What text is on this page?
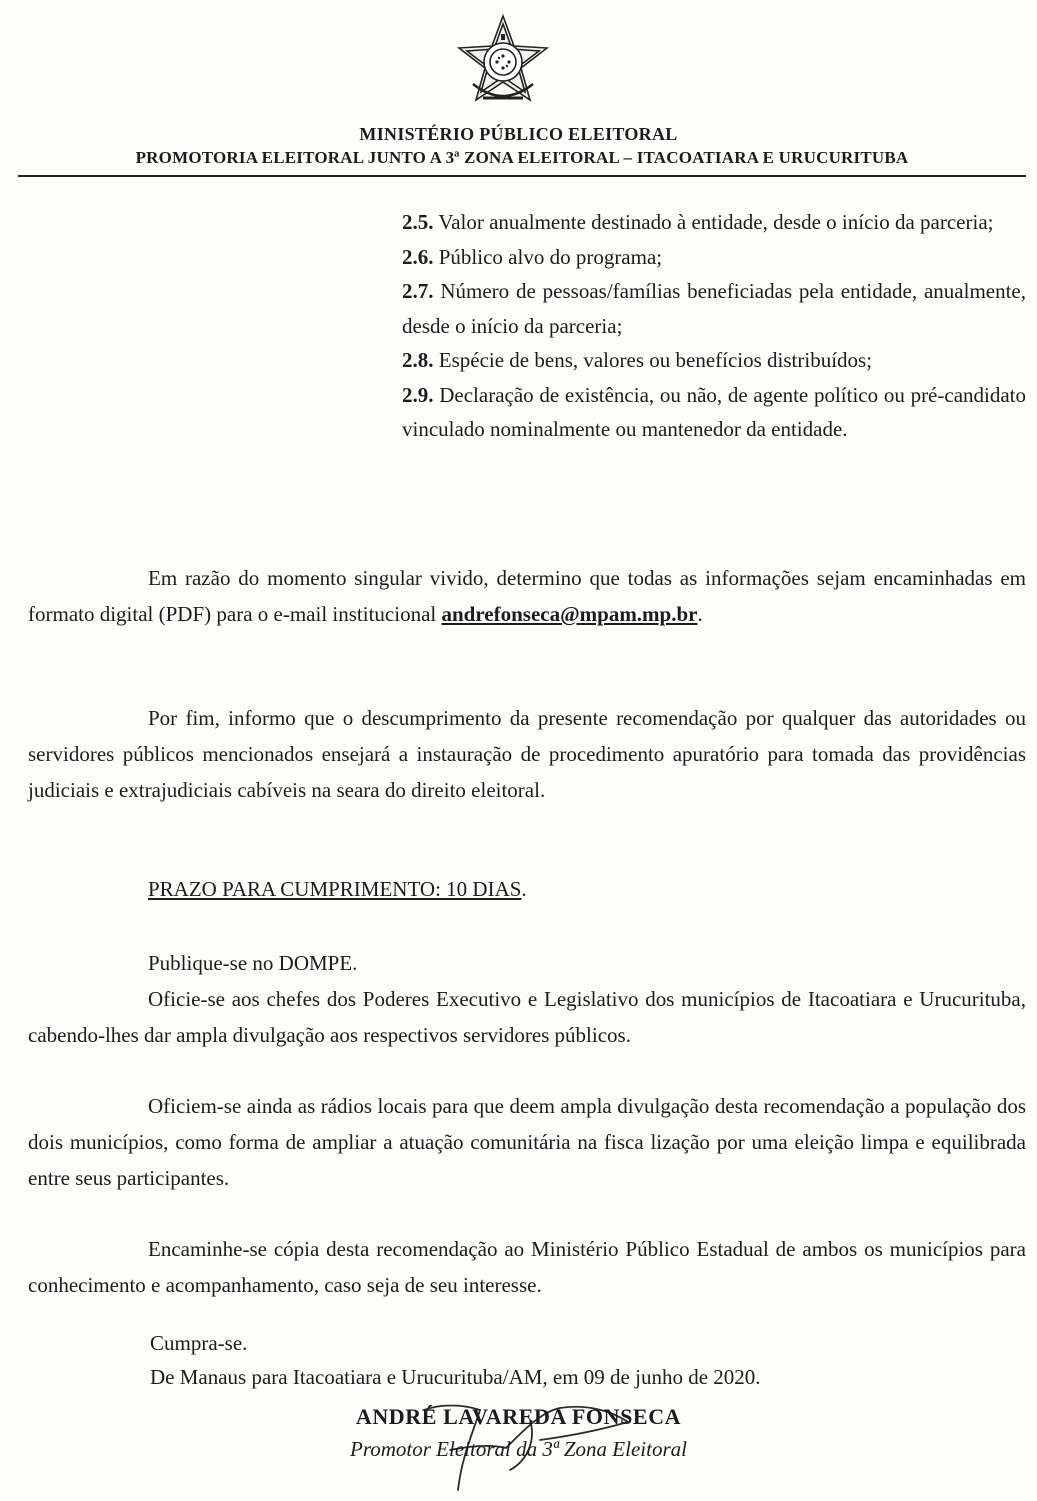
MINISTÉRIO PÚBLICO ELEITORAL
PROMOTORIA ELEITORAL JUNTO A 3ª ZONA ELEITORAL – ITACOATIARA E URUCURITUBA
2.5. Valor anualmente destinado à entidade, desde o início da parceria;
2.6. Público alvo do programa;
2.7. Número de pessoas/famílias beneficiadas pela entidade, anualmente, desde o início da parceria;
2.8. Espécie de bens, valores ou benefícios distribuídos;
2.9. Declaração de existência, ou não, de agente político ou pré-candidato vinculado nominalmente ou mantenedor da entidade.
Em razão do momento singular vivido, determino que todas as informações sejam encaminhadas em formato digital (PDF) para o e-mail institucional andrefonseca@mpam.mp.br.
Por fim, informo que o descumprimento da presente recomendação por qualquer das autoridades ou servidores públicos mencionados ensejará a instauração de procedimento apuratório para tomada das providências judiciais e extrajudiciais cabíveis na seara do direito eleitoral.
PRAZO PARA CUMPRIMENTO: 10 DIAS.
Publique-se no DOMPE.
Oficie-se aos chefes dos Poderes Executivo e Legislativo dos municípios de Itacoatiara e Urucurituba, cabendo-lhes dar ampla divulgação aos respectivos servidores públicos.
Oficiem-se ainda as rádios locais para que deem ampla divulgação desta recomendação a população dos dois municípios, como forma de ampliar a atuação comunitária na fisca lização por uma eleição limpa e equilibrada entre seus participantes.
Encaminhe-se cópia desta recomendação ao Ministério Público Estadual de ambos os municípios para conhecimento e acompanhamento, caso seja de seu interesse.
Cumpra-se.
De Manaus para Itacoatiara e Urucurituba/AM, em 09 de junho de 2020.
ANDRÉ LAVAREDA FONSECA
Promotor Eleitoral da 3ª Zona Eleitoral
